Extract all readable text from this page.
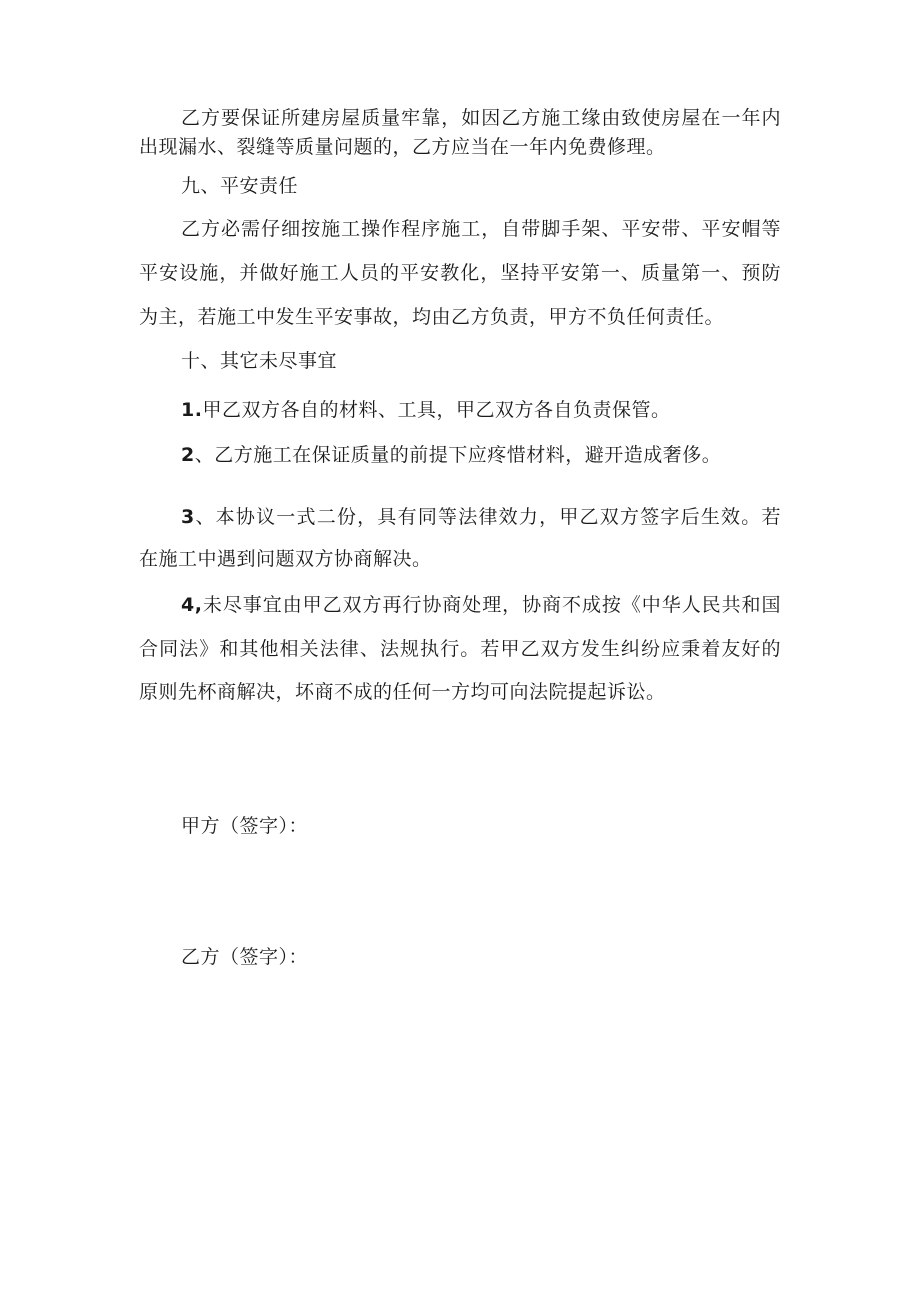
乙方要保证所建房屋质量牢靠，如因乙方施工缘由致使房屋在一年内
出现漏水、裂缝等质量问题的，乙方应当在一年内免费修理。
九、平安责任
乙方必需仔细按施工操作程序施工，自带脚手架、平安带、平安帽等
平安设施，并做好施工人员的平安教化，坚持平安第一、质量第一、预防
为主，若施工中发生平安事故，均由乙方负责，甲方不负任何责任。
十、其它未尽事宜
1.甲乙双方各自的材料、工具，甲乙双方各自负责保管。
2、乙方施工在保证质量的前提下应疼惜材料，避开造成奢侈。
3、本协议一式二份，具有同等法律效力，甲乙双方签字后生效。若
在施工中遇到问题双方协商解决。
4,未尽事宜由甲乙双方再行协商处理，协商不成按《中华人民共和国
合同法》和其他相关法律、法规执行。若甲乙双方发生纠纷应秉着友好的
原则先杯商解决，坏商不成的任何一方均可向法院提起诉讼。
甲方（签字）：
乙方（签字）：
